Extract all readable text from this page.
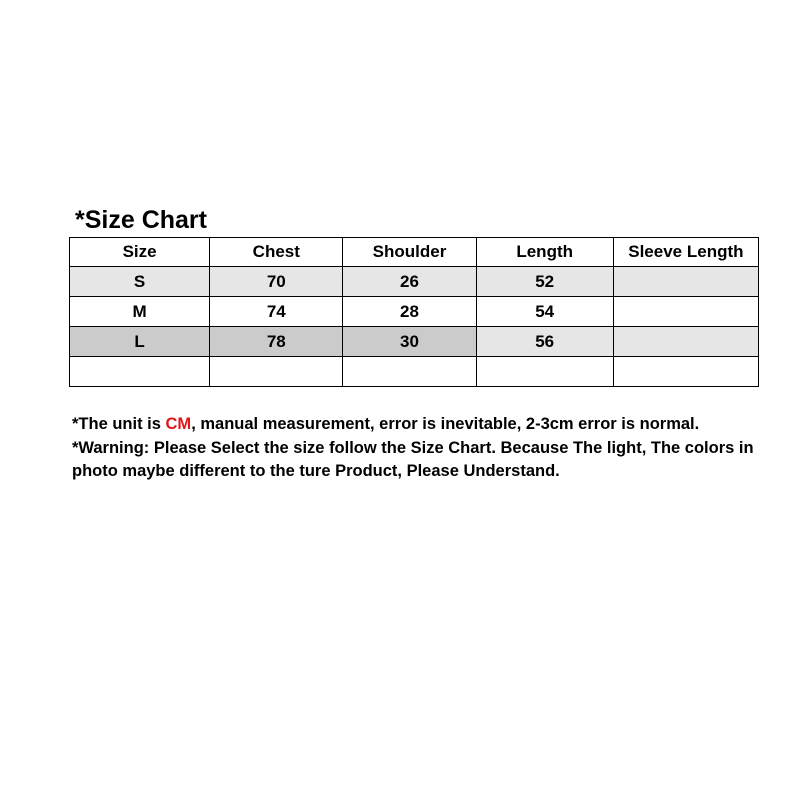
*Size Chart
Size	Chest	Shoulder	Length	Sleeve Length
S	70	26	52	
M	74	28	54	
L	78	30	56	

*The unit is CM, manual measurement, error is inevitable, 2-3cm error is normal.

*Warning: Please Select the size follow the Size Chart. Because The light, The colors in photo maybe different to the ture Product, Please Understand.
